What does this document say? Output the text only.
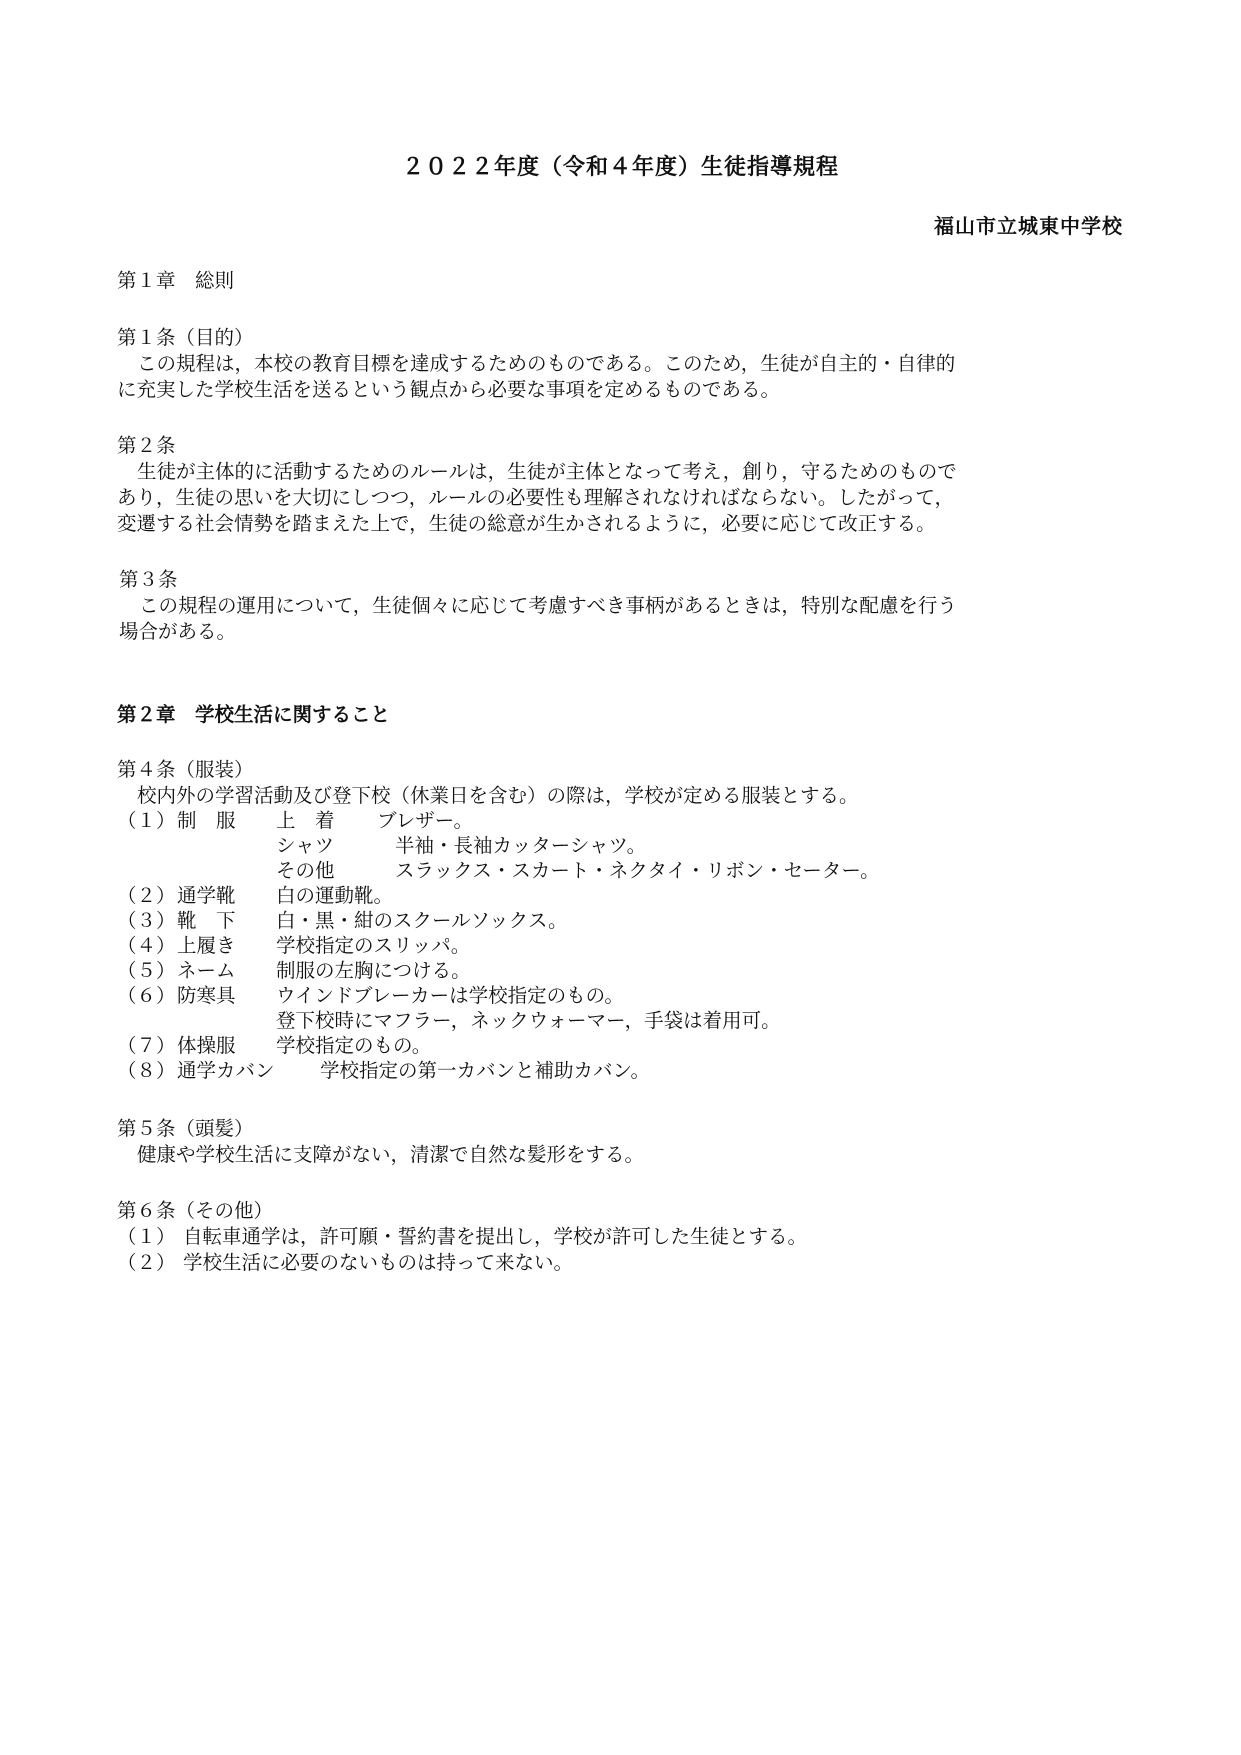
２０２２年度（令和４年度）生徒指導規程
福山市立城東中学校
第１章　総則
第１条（目的）
この規程は，本校の教育目標を達成するためのものである。このため，生徒が自主的・自律的
に充実した学校生活を送るという観点から必要な事項を定めるものである。
第２条
生徒が主体的に活動するためのルールは，生徒が主体となって考え，創り，守るためのもので
あり，生徒の思いを大切にしつつ，ルールの必要性も理解されなければならない。したがって，
変遷する社会情勢を踏まえた上で，生徒の総意が生かされるように，必要に応じて改正する。
第３条
この規程の運用について，生徒個々に応じて考慮すべき事柄があるときは，特別な配慮を行う
場合がある。
第２章　学校生活に関すること
第４条（服装）
校内外の学習活動及び登下校（休業日を含む）の際は，学校が定める服装とする。
（１） 制　服 上　着 ブレザー。
シャツ	半袖・長袖カッターシャツ。
その他	スラックス・スカート・ネクタイ・リボン・セーター。
（２） 通学靴 白の運動靴。
（３） 靴　下 白・黒・紺のスクールソックス。
（４） 上履き 学校指定のスリッパ。
（５） ネーム 制服の左胸につける。
（６） 防寒具 ウインドブレーカーは学校指定のもの。
登下校時にマフラー，ネックウォーマー，手袋は着用可。
（７） 体操服 学校指定のもの。
（８） 通学カバン 学校指定の第一カバンと補助カバン。
第５条（頭髪）
健康や学校生活に支障がない，清潔で自然な髪形をする。
第６条（その他）
（１） 自転車通学は，許可願・誓約書を提出し，学校が許可した生徒とする。
（２） 学校生活に必要のないものは持って来ない。
